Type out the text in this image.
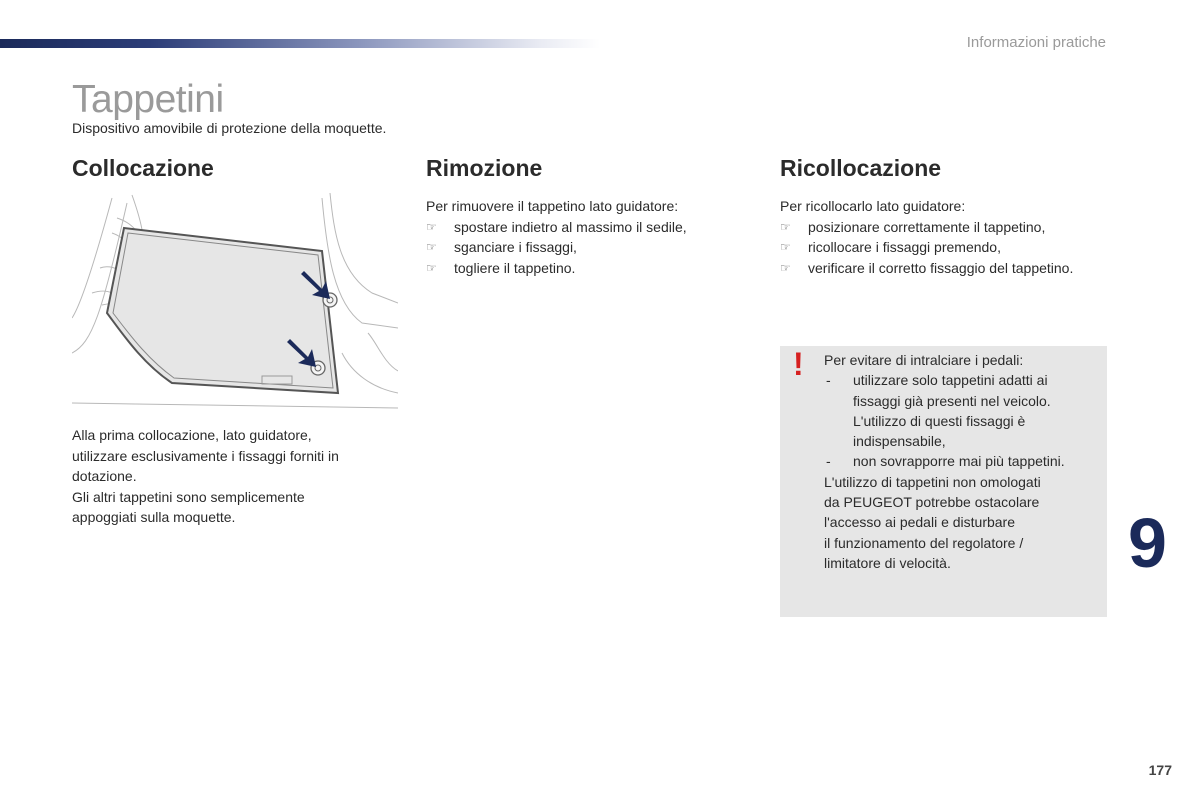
Informazioni pratiche
Tappetini
Dispositivo amovibile di protezione della moquette.
Collocazione
Alla prima collocazione, lato guidatore,
utilizzare esclusivamente i fissaggi forniti in
dotazione.
Gli altri tappetini sono semplicemente
appoggiati sulla moquette.
Rimozione
Per rimuovere il tappetino lato guidatore:
☞ spostare indietro al massimo il sedile,
☞ sganciare i fissaggi,
☞ togliere il tappetino.
Ricollocazione
Per ricollocarlo lato guidatore:
☞ posizionare correttamente il tappetino,
☞ ricollocare i fissaggi premendo,
☞ verificare il corretto fissaggio del tappetino.
! Per evitare di intralciare i pedali:
- utilizzare solo tappetini adatti ai
fissaggi già presenti nel veicolo.
L'utilizzo di questi fissaggi è
indispensabile,
- non sovrapporre mai più tappetini.
L'utilizzo di tappetini non omologati
da PEUGEOT potrebbe ostacolare
l'accesso ai pedali e disturbare
il funzionamento del regolatore /
limitatore di velocità.	9
177
